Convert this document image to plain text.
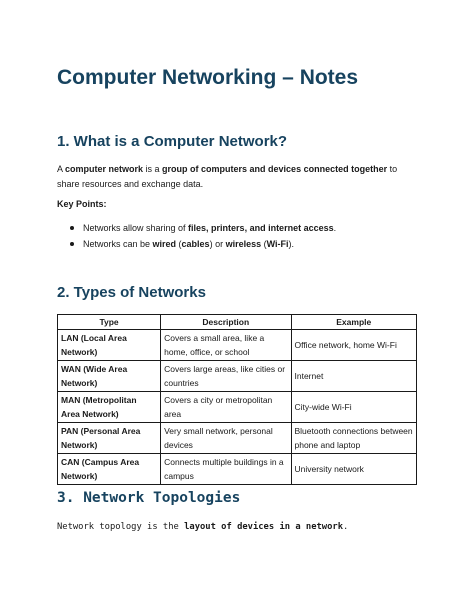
Computer Networking – Notes
1. What is a Computer Network?
A computer network is a group of computers and devices connected together to share resources and exchange data.
Key Points:
Networks allow sharing of files, printers, and internet access.
Networks can be wired (cables) or wireless (Wi-Fi).
2. Types of Networks
Type	Description	Example
LAN (Local Area Network)	Covers a small area, like a home, office, or school	Office network, home Wi-Fi
WAN (Wide Area Network)	Covers large areas, like cities or countries	Internet
MAN (Metropolitan Area Network)	Covers a city or metropolitan area	City-wide Wi-Fi
PAN (Personal Area Network)	Very small network, personal devices	Bluetooth connections between phone and laptop
CAN (Campus Area Network)	Connects multiple buildings in a campus	University network
3. Network Topologies
Network topology is the layout of devices in a network.
